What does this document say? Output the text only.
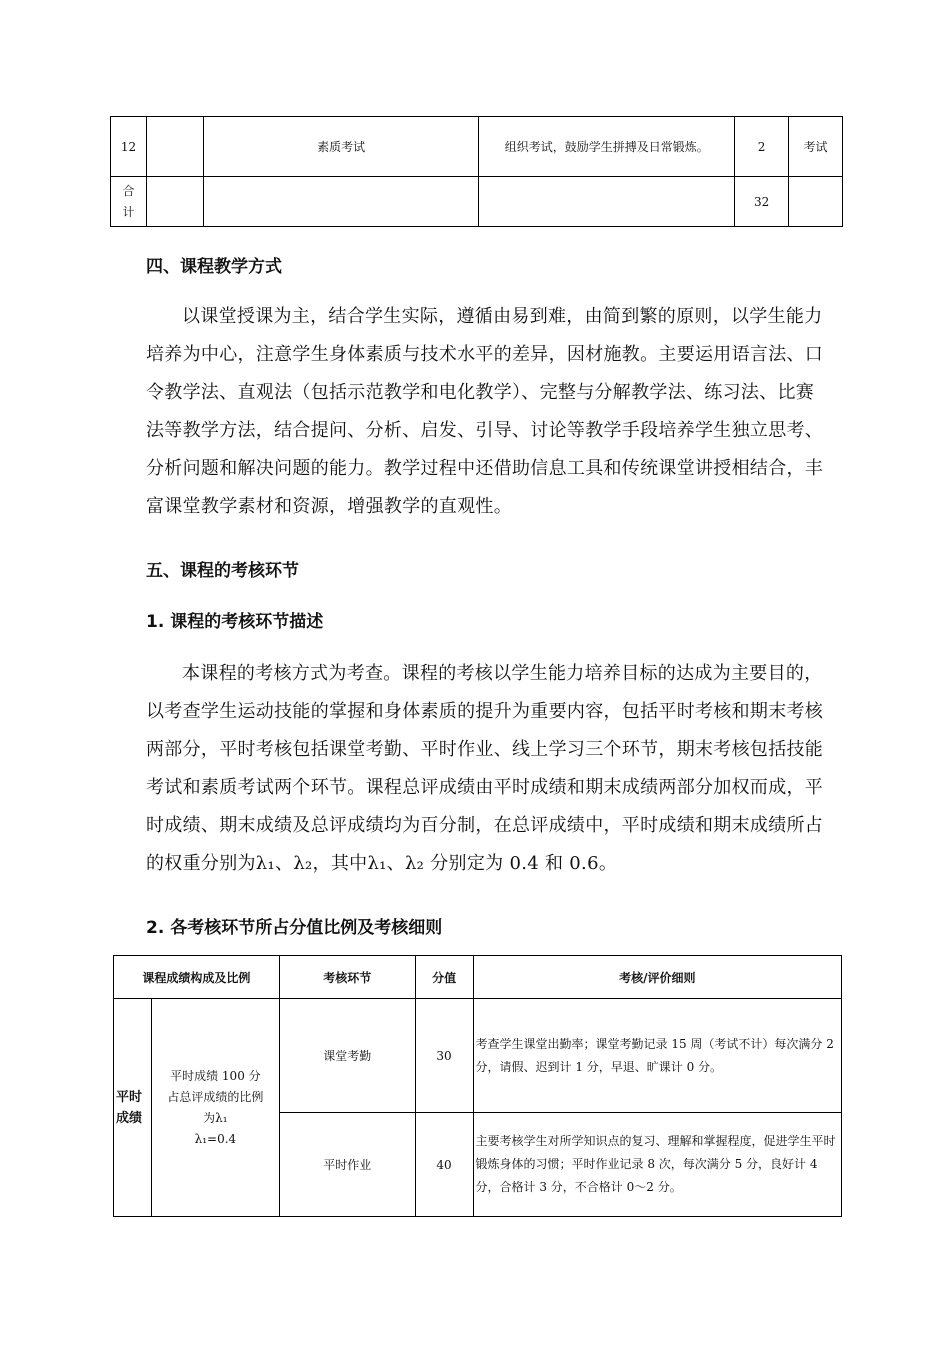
12		素质考试	组织考试，鼓励学生拼搏及日常锻炼。	2	考试

合
计				32	
四、课程教学方式

以课堂授课为主，结合学生实际，遵循由易到难，由简到繁的原则，以学生能力培养为中心，注意学生身体素质与技术水平的差异，因材施教。主要运用语言法、口令教学法、直观法（包括示范教学和电化教学）、完整与分解教学法、练习法、比赛法等教学方法，结合提问、分析、启发、引导、讨论等教学手段培养学生独立思考、分析问题和解决问题的能力。教学过程中还借助信息工具和传统课堂讲授相结合，丰富课堂教学素材和资源，增强教学的直观性。

五、课程的考核环节
1. 课程的考核环节描述

本课程的考核方式为考查。课程的考核以学生能力培养目标的达成为主要目的，以考查学生运动技能的掌握和身体素质的提升为重要内容，包括平时考核和期末考核两部分，平时考核包括课堂考勤、平时作业、线上学习三个环节，期末考核包括技能考试和素质考试两个环节。课程总评成绩由平时成绩和期末成绩两部分加权而成，平时成绩、期末成绩及总评成绩均为百分制，在总评成绩中，平时成绩和期末成绩所占的权重分别为λ₁、λ₂，其中λ₁、λ₂ 分别定为 0.4 和 0.6。

2. 各考核环节所占分值比例及考核细则
课程成绩构成及比例		考核环节	分值	考核/评价细则

平时
成绩	平时成绩 100 分
占总评成绩的比例
为λ₁
λ₁=0.4	课堂考勤	30	考查学生课堂出勤率；课堂考勤记录 15 周（考试不计）每次满分 2 分，请假、迟到计 1 分，早退、旷课计 0 分。
		平时作业	40	主要考核学生对所学知识点的复习、理解和掌握程度，促进学生平时锻炼身体的习惯；平时作业记录 8 次，每次满分 5 分，良好计 4 分，合格计 3 分，不合格计 0～2 分。
